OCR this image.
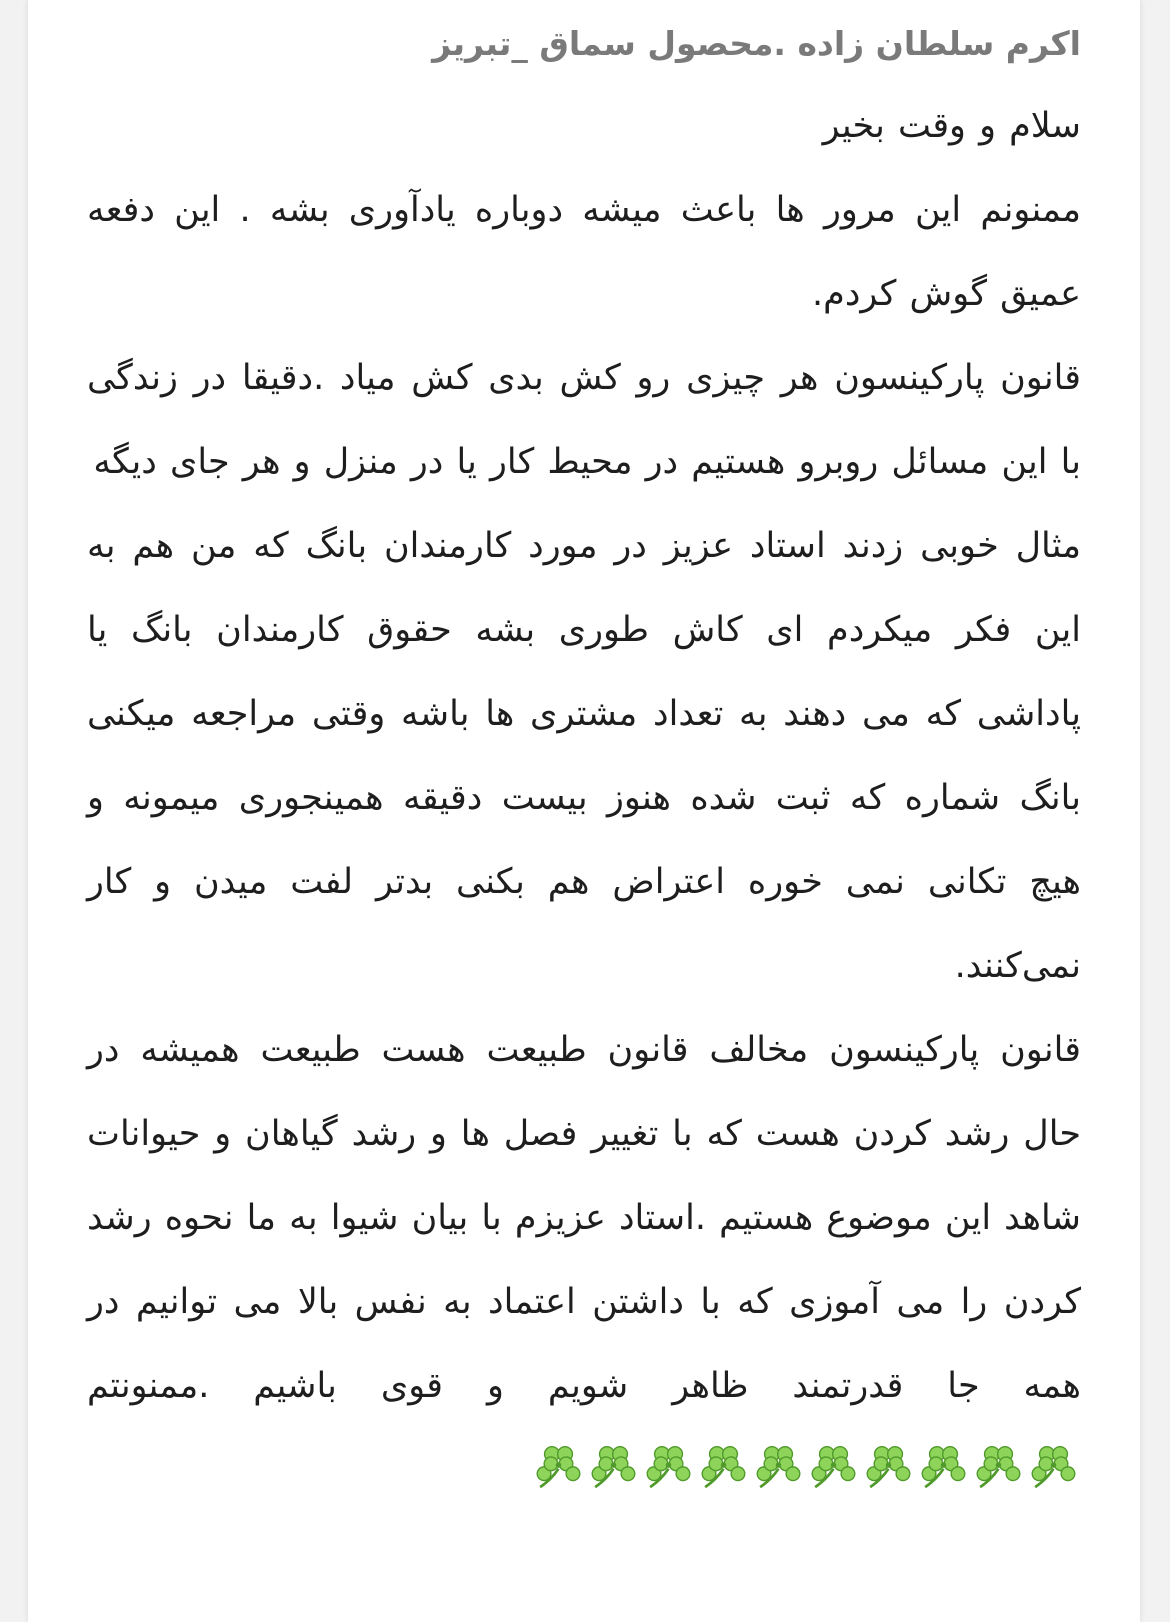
اکرم سلطان زاده .محصول سماق _تبریز

سلام و وقت بخیر

ممنونم این مرور ها باعث میشه دوباره یادآوری بشه . این دفعه عمیق گوش کردم.

قانون پارکینسون هر چیزی رو کش بدی کش میاد .دقیقا در زندگی با این مسائل روبرو هستیم در محیط کار یا در منزل و هر جای دیگه

مثال خوبی زدند استاد عزیز در مورد کارمندان بانگ که من هم به این فکر میکردم ای کاش طوری بشه حقوق کارمندان بانگ یا پاداشی که می دهند به تعداد مشتری ها باشه وقتی مراجعه میکنی بانگ شماره که ثبت شده هنوز بیست دقیقه همینجوری میمونه و هیچ تکانی نمی خوره اعتراض هم بکنی بدتر لفت میدن و کار نمی‌کنند.

قانون پارکینسون مخالف قانون طبیعت هست طبیعت همیشه در حال رشد کردن هست که با تغییر فصل ها و رشد گیاهان و حیوانات شاهد این موضوع هستیم .استاد عزیزم با بیان شیوا به ما نحوه رشد کردن را می آموزی که با داشتن اعتماد به نفس بالا می توانیم در همه جا قدرتمند ظاهر شویم و قوی باشیم .ممنونتم
